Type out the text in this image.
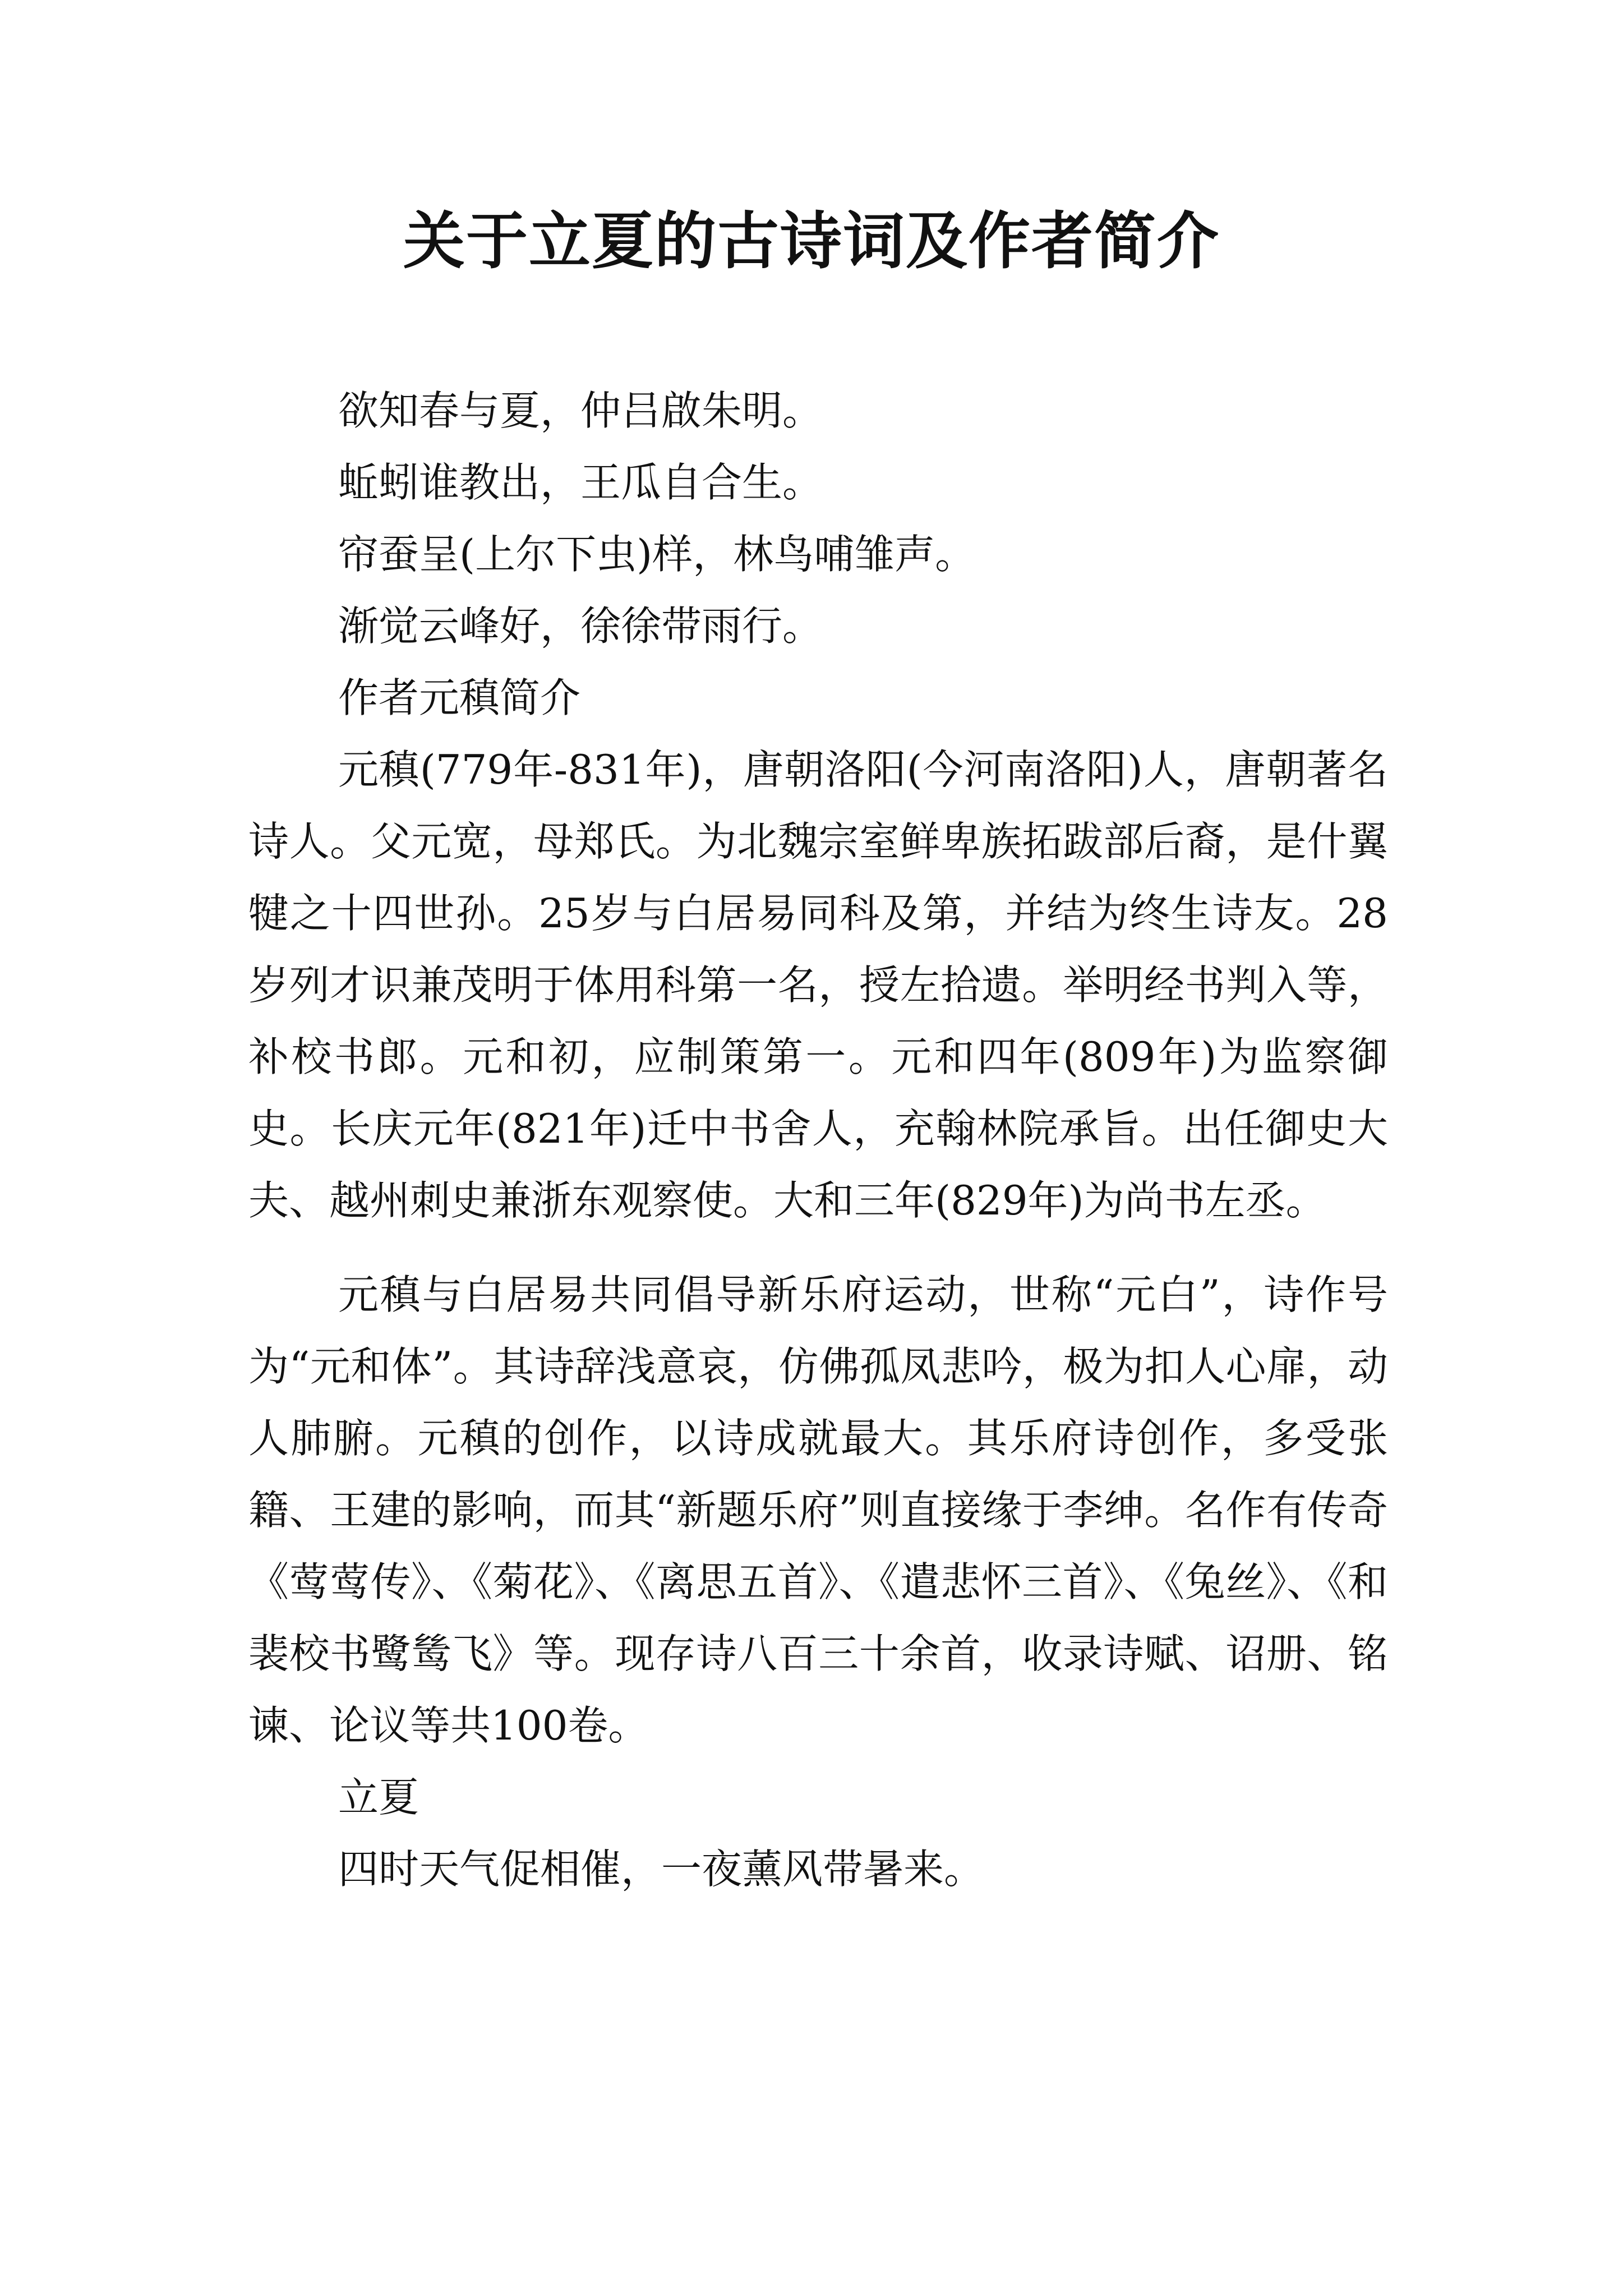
关于立夏的古诗词及作者简介

欲知春与夏，仲吕啟朱明。

蚯蚓谁教出，王瓜自合生。

帘蚕呈(上尔下虫)样，林鸟哺雏声。

渐觉云峰好，徐徐带雨行。

作者元稹简介

元稹(779年-831年)，唐朝洛阳(今河南洛阳)人，唐朝著名诗人。父元宽，母郑氏。为北魏宗室鲜卑族拓跋部后裔，是什翼犍之十四世孙。25岁与白居易同科及第，并结为终生诗友。28岁列才识兼茂明于体用科第一名，授左拾遗。举明经书判入等，补校书郎。元和初，应制策第一。元和四年(809年)为监察御史。长庆元年(821年)迁中书舍人，充翰林院承旨。出任御史大夫、越州刺史兼浙东观察使。大和三年(829年)为尚书左丞。

元稹与白居易共同倡导新乐府运动，世称“元白”，诗作号为“元和体”。其诗辞浅意哀，仿佛孤凤悲吟，极为扣人心扉，动人肺腑。元稹的创作，以诗成就最大。其乐府诗创作，多受张籍、王建的影响，而其“新题乐府”则直接缘于李绅。名作有传奇《莺莺传》、《菊花》、《离思五首》、《遣悲怀三首》、《兔丝》、《和裴校书鹭鸶飞》等。现存诗八百三十余首，收录诗赋、诏册、铭谏、论议等共100卷。

立夏

四时天气促相催，一夜薰风带暑来。
